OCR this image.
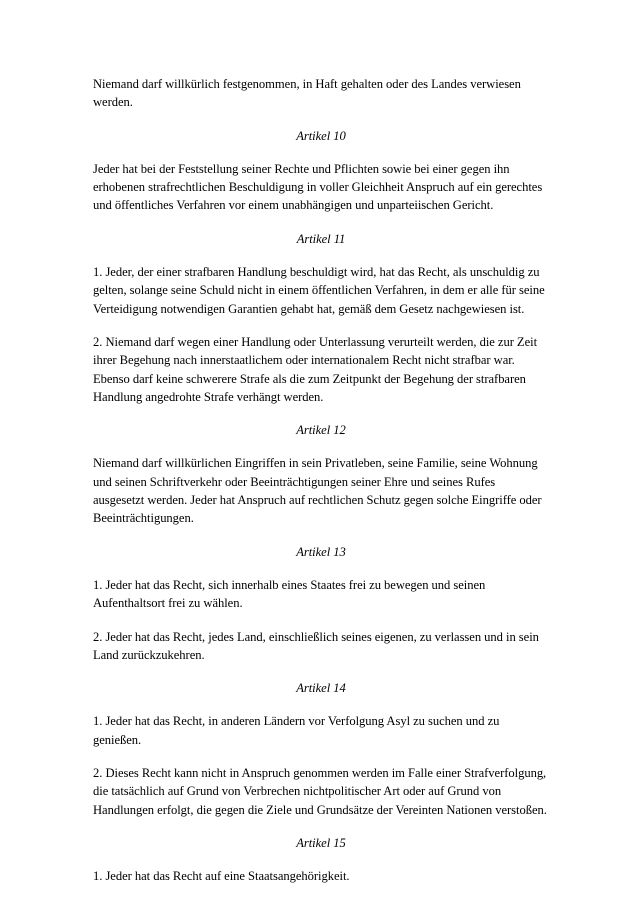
Niemand darf willkürlich festgenommen, in Haft gehalten oder des Landes verwiesen werden.

Artikel 10

Jeder hat bei der Feststellung seiner Rechte und Pflichten sowie bei einer gegen ihn erhobenen strafrechtlichen Beschuldigung in voller Gleichheit Anspruch auf ein gerechtes und öffentliches Verfahren vor einem unabhängigen und unparteiischen Gericht.

Artikel 11

1. Jeder, der einer strafbaren Handlung beschuldigt wird, hat das Recht, als unschuldig zu gelten, solange seine Schuld nicht in einem öffentlichen Verfahren, in dem er alle für seine Verteidigung notwendigen Garantien gehabt hat, gemäß dem Gesetz nachgewiesen ist.

2. Niemand darf wegen einer Handlung oder Unterlassung verurteilt werden, die zur Zeit ihrer Begehung nach innerstaatlichem oder internationalem Recht nicht strafbar war. Ebenso darf keine schwerere Strafe als die zum Zeitpunkt der Begehung der strafbaren Handlung angedrohte Strafe verhängt werden.

Artikel 12

Niemand darf willkürlichen Eingriffen in sein Privatleben, seine Familie, seine Wohnung und seinen Schriftverkehr oder Beeinträchtigungen seiner Ehre und seines Rufes ausgesetzt werden. Jeder hat Anspruch auf rechtlichen Schutz gegen solche Eingriffe oder Beeinträchtigungen.

Artikel 13

1. Jeder hat das Recht, sich innerhalb eines Staates frei zu bewegen und seinen Aufenthaltsort frei zu wählen.

2. Jeder hat das Recht, jedes Land, einschließlich seines eigenen, zu verlassen und in sein Land zurückzukehren.

Artikel 14

1. Jeder hat das Recht, in anderen Ländern vor Verfolgung Asyl zu suchen und zu genießen.

2. Dieses Recht kann nicht in Anspruch genommen werden im Falle einer Strafverfolgung, die tatsächlich auf Grund von Verbrechen nichtpolitischer Art oder auf Grund von Handlungen erfolgt, die gegen die Ziele und Grundsätze der Vereinten Nationen verstoßen.

Artikel 15

1. Jeder hat das Recht auf eine Staatsangehörigkeit.
